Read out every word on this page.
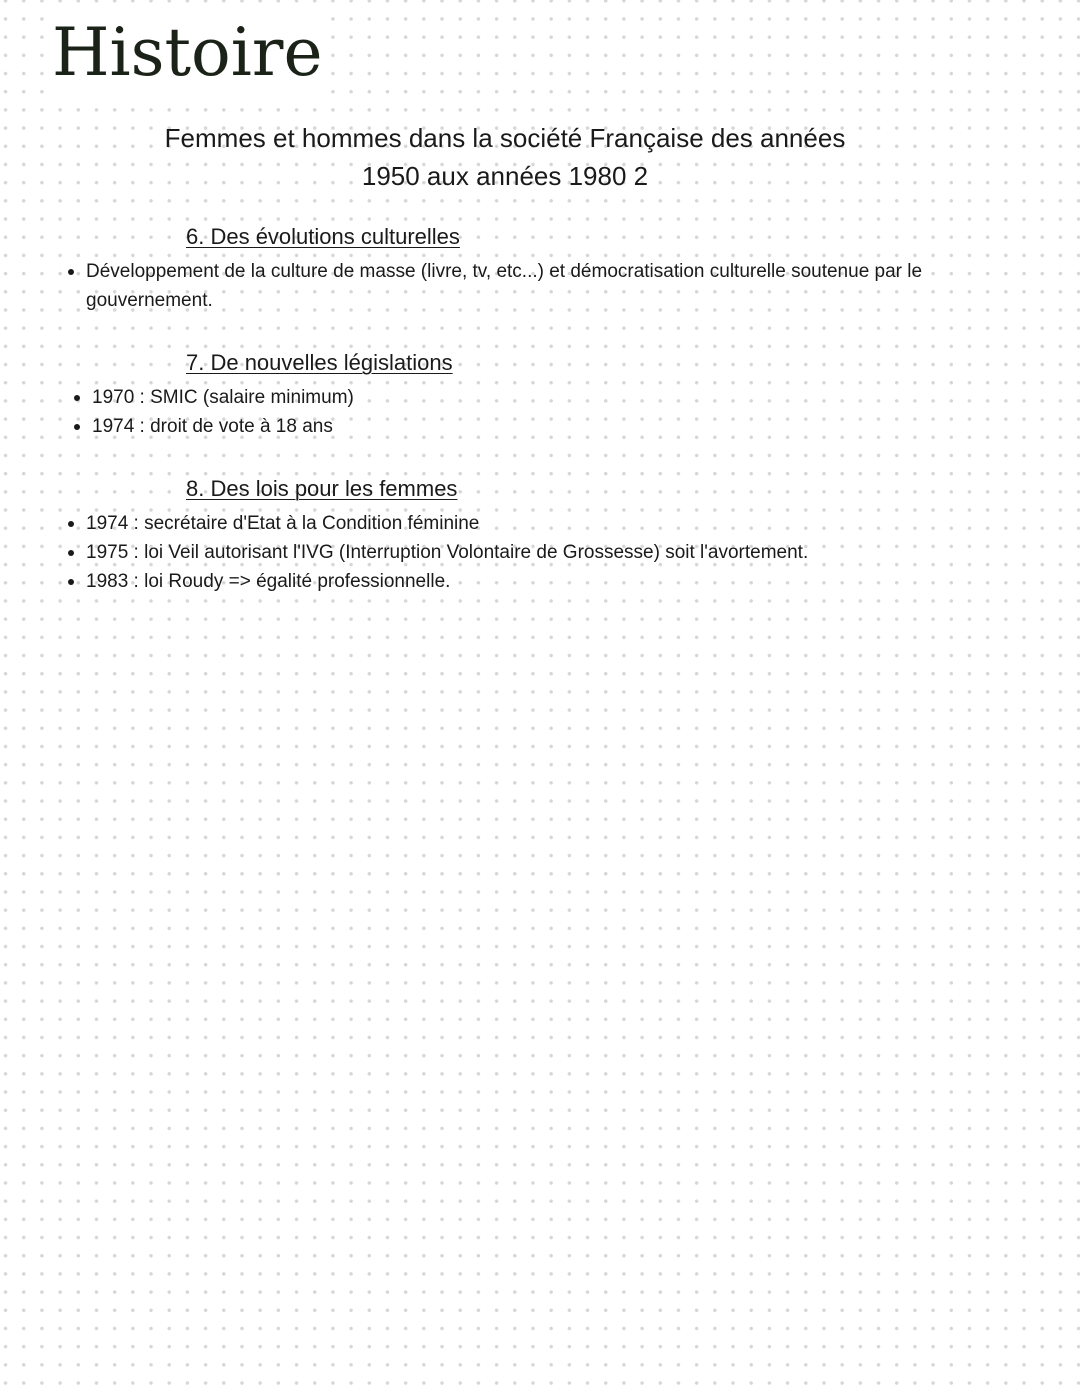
Histoire
Femmes et hommes dans la société Française des années
1950 aux années 1980 2
6. Des évolutions culturelles
Développement de la culture de masse (livre, tv, etc...) et démocratisation culturelle soutenue par le gouvernement.
7. De nouvelles législations
1970 : SMIC (salaire minimum)
1974 : droit de vote à 18 ans
8. Des lois pour les femmes
1974 : secrétaire d'Etat à la Condition féminine
1975 : loi Veil autorisant l'IVG (Interruption Volontaire de Grossesse) soit l'avortement.
1983 : loi Roudy => égalité professionnelle.
